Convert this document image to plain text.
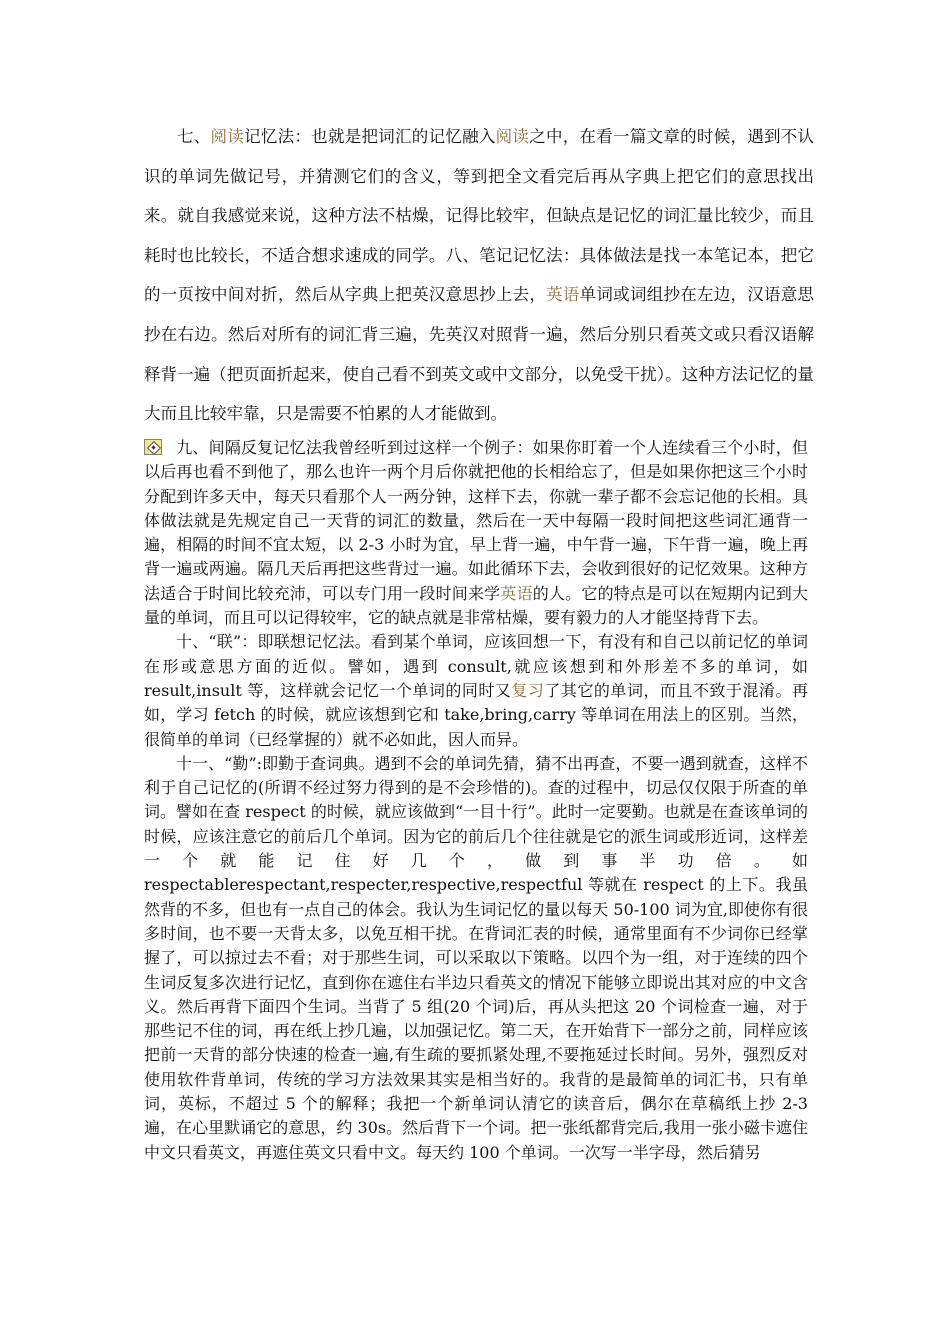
七、阅读记忆法：也就是把词汇的记忆融入阅读之中，在看一篇文章的时候，遇到不认识的单词先做记号，并猜测它们的含义，等到把全文看完后再从字典上把它们的意思找出来。就自我感觉来说，这种方法不枯燥，记得比较牢，但缺点是记忆的词汇量比较少，而且耗时也比较长，不适合想求速成的同学。八、笔记记忆法：具体做法是找一本笔记本，把它的一页按中间对折，然后从字典上把英汉意思抄上去，英语单词或词组抄在左边，汉语意思抄在右边。然后对所有的词汇背三遍，先英汉对照背一遍，然后分别只看英文或只看汉语解释背一遍（把页面折起来，使自己看不到英文或中文部分，以免受干扰）。这种方法记忆的量大而且比较牢靠，只是需要不怕累的人才能做到。

九、间隔反复记忆法我曾经听到过这样一个例子：如果你盯着一个人连续看三个小时，但以后再也看不到他了，那么也许一两个月后你就把他的长相给忘了，但是如果你把这三个小时分配到许多天中，每天只看那个人一两分钟，这样下去，你就一辈子都不会忘记他的长相。具体做法就是先规定自己一天背的词汇的数量，然后在一天中每隔一段时间把这些词汇通背一遍，相隔的时间不宜太短，以 2-3 小时为宜，早上背一遍，中午背一遍，下午背一遍，晚上再背一遍或两遍。隔几天后再把这些背过一遍。如此循环下去，会收到很好的记忆效果。这种方法适合于时间比较充沛，可以专门用一段时间来学英语的人。它的特点是可以在短期内记到大量的单词，而且可以记得较牢，它的缺点就是非常枯燥，要有毅力的人才能坚持背下去。

十、“联”：即联想记忆法。看到某个单词，应该回想一下，有没有和自己以前记忆的单词在形或意思方面的近似。譬如，遇到 consult,就应该想到和外形差不多的单词，如 result,insult 等，这样就会记忆一个单词的同时又复习了其它的单词，而且不致于混淆。再如，学习 fetch 的时候，就应该想到它和 take,bring,carry 等单词在用法上的区别。当然，很简单的单词（已经掌握的）就不必如此，因人而异。

十一、“勤”:即勤于查词典。遇到不会的单词先猜，猜不出再查，不要一遇到就查，这样不利于自己记忆的(所谓不经过努力得到的是不会珍惜的)。查的过程中，切忌仅仅限于所查的单词。譬如在查 respect 的时候，就应该做到“一目十行”。此时一定要勤。也就是在查该单词的时候，应该注意它的前后几个单词。因为它的前后几个往往就是它的派生词或形近词，这样差一个就能记住好几个，做到事半功倍。如 respectablerespectant,respecter,respective,respectful 等就在 respect 的上下。我虽然背的不多，但也有一点自己的体会。我认为生词记忆的量以每天 50-100 词为宜,即使你有很多时间，也不要一天背太多，以免互相干扰。在背词汇表的时候，通常里面有不少词你已经掌握了，可以掠过去不看；对于那些生词，可以采取以下策略。以四个为一组，对于连续的四个生词反复多次进行记忆，直到你在遮住右半边只看英文的情况下能够立即说出其对应的中文含义。然后再背下面四个生词。当背了 5 组(20 个词)后，再从头把这 20 个词检查一遍，对于那些记不住的词，再在纸上抄几遍，以加强记忆。第二天，在开始背下一部分之前，同样应该把前一天背的部分快速的检查一遍,有生疏的要抓紧处理,不要拖延过长时间。另外，强烈反对使用软件背单词，传统的学习方法效果其实是相当好的。我背的是最简单的词汇书，只有单词，英标，不超过 5 个的解释；我把一个新单词认清它的读音后，偶尔在草稿纸上抄 2-3 遍，在心里默诵它的意思，约 30s。然后背下一个词。把一张纸都背完后,我用一张小磁卡遮住中文只看英文，再遮住英文只看中文。每天约 100 个单词。一次写一半字母，然后猜另
